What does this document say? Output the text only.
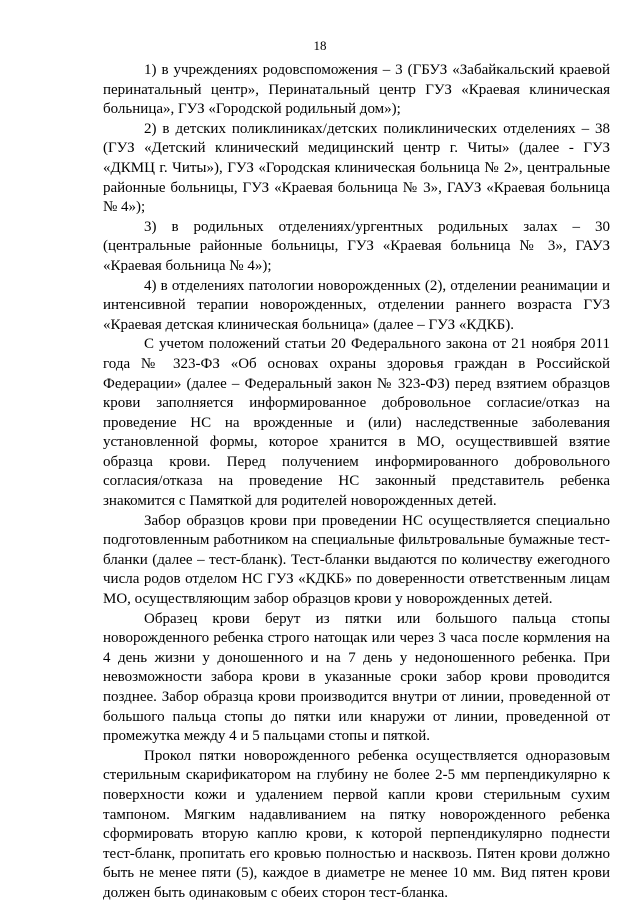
18

1) в учреждениях родовспоможения – 3 (ГБУЗ «Забайкальский краевой перинатальный центр», Перинатальный центр ГУЗ «Краевая клиническая больница», ГУЗ «Городской родильный дом»);

2) в детских поликлиниках/детских поликлинических отделениях – 38 (ГУЗ «Детский клинический медицинский центр г. Читы» (далее - ГУЗ «ДКМЦ г. Читы»), ГУЗ «Городская клиническая больница № 2», центральные районные больницы, ГУЗ «Краевая больница № 3», ГАУЗ «Краевая больница № 4»);

3) в родильных отделениях/ургентных родильных залах – 30 (центральные районные больницы, ГУЗ «Краевая больница № 3», ГАУЗ «Краевая больница № 4»);

4) в отделениях патологии новорожденных (2), отделении реанимации и интенсивной терапии новорожденных, отделении раннего возраста ГУЗ «Краевая детская клиническая больница» (далее – ГУЗ «КДКБ).

С учетом положений статьи 20 Федерального закона от 21 ноября 2011 года № 323-ФЗ «Об основах охраны здоровья граждан в Российской Федерации» (далее – Федеральный закон № 323-ФЗ) перед взятием образцов крови заполняется информированное добровольное согласие/отказ на проведение НС на врожденные и (или) наследственные заболевания установленной формы, которое хранится в МО, осуществившей взятие образца крови. Перед получением информированного добровольного согласия/отказа на проведение НС законный представитель ребенка знакомится с Памяткой для родителей новорожденных детей.

Забор образцов крови при проведении НС осуществляется специально подготовленным работником на специальные фильтровальные бумажные тест-бланки (далее – тест-бланк). Тест-бланки выдаются по количеству ежегодного числа родов отделом НС ГУЗ «КДКБ» по доверенности ответственным лицам МО, осуществляющим забор образцов крови у новорожденных детей.

Образец крови берут из пятки или большого пальца стопы новорожденного ребенка строго натощак или через 3 часа после кормления на 4 день жизни у доношенного и на 7 день у недоношенного ребенка. При невозможности забора крови в указанные сроки забор крови проводится позднее. Забор образца крови производится внутри от линии, проведенной от большого пальца стопы до пятки или кнаружи от линии, проведенной от промежутка между 4 и 5 пальцами стопы и пяткой.

Прокол пятки новорожденного ребенка осуществляется одноразовым стерильным скарификатором на глубину не более 2-5 мм перпендикулярно к поверхности кожи и удалением первой капли крови стерильным сухим тампоном. Мягким надавливанием на пятку новорожденного ребенка сформировать вторую каплю крови, к которой перпендикулярно поднести тест-бланк, пропитать его кровью полностью и насквозь. Пятен крови должно быть не менее пяти (5), каждое в диаметре не менее 10 мм. Вид пятен крови должен быть одинаковым с обеих сторон тест-бланка.
